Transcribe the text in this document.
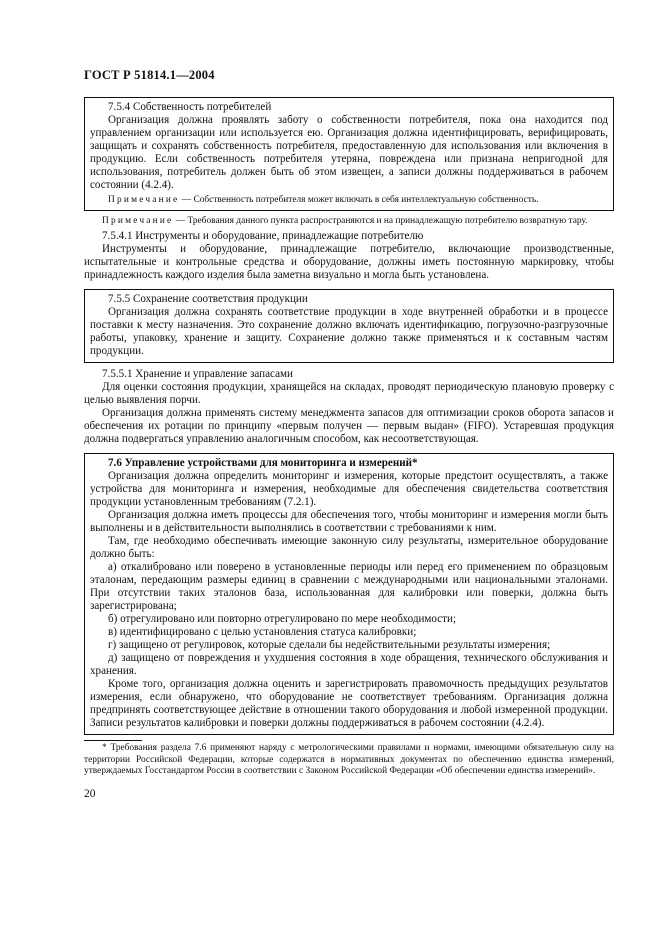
ГОСТ Р 51814.1—2004

7.5.4 Собственность потребителей

Организация должна проявлять заботу о собственности потребителя, пока она находится под управлением организации или используется ею. Организация должна идентифицировать, верифицировать, защищать и сохранять собственность потребителя, предоставленную для использования или включения в продукцию. Если собственность потребителя утеряна, повреждена или признана непригодной для использования, потребитель должен быть об этом извещен, а записи должны поддерживаться в рабочем состоянии (4.2.4).

Примечание — Собственность потребителя может включать в себя интеллектуальную собственность.

Примечание — Требования данного пункта распространяются и на принадлежащую потребителю возвратную тару.

7.5.4.1 Инструменты и оборудование, принадлежащие потребителю

Инструменты и оборудование, принадлежащие потребителю, включающие производственные, испытательные и контрольные средства и оборудование, должны иметь постоянную маркировку, чтобы принадлежность каждого изделия была заметна визуально и могла быть установлена.

7.5.5 Сохранение соответствия продукции

Организация должна сохранять соответствие продукции в ходе внутренней обработки и в процессе поставки к месту назначения. Это сохранение должно включать идентификацию, погрузочно-разгрузочные работы, упаковку, хранение и защиту. Сохранение должно также применяться и к составным частям продукции.

7.5.5.1 Хранение и управление запасами

Для оценки состояния продукции, хранящейся на складах, проводят периодическую плановую проверку с целью выявления порчи.

Организация должна применять систему менеджмента запасов для оптимизации сроков оборота запасов и обеспечения их ротации по принципу «первым получен — первым выдан» (FIFO). Устаревшая продукция должна подвергаться управлению аналогичным способом, как несоответствующая.

7.6 Управление устройствами для мониторинга и измерений*

Организация должна определить мониторинг и измерения, которые предстоит осуществлять, а также устройства для мониторинга и измерения, необходимые для обеспечения свидетельства соответствия продукции установленным требованиям (7.2.1).

Организация должна иметь процессы для обеспечения того, чтобы мониторинг и измерения могли быть выполнены и в действительности выполнялись в соответствии с требованиями к ним.

Там, где необходимо обеспечивать имеющие законную силу результаты, измерительное оборудование должно быть:

а) откалибровано или поверено в установленные периоды или перед его применением по образцовым эталонам, передающим размеры единиц в сравнении с международными или национальными эталонами. При отсутствии таких эталонов база, использованная для калибровки или поверки, должна быть зарегистрирована;

б) отрегулировано или повторно отрегулировано по мере необходимости;

в) идентифицировано с целью установления статуса калибровки;

г) защищено от регулировок, которые сделали бы недействительными результаты измерения;

д) защищено от повреждения и ухудшения состояния в ходе обращения, технического обслуживания и хранения.

Кроме того, организация должна оценить и зарегистрировать правомочность предыдущих результатов измерения, если обнаружено, что оборудование не соответствует требованиям. Организация должна предпринять соответствующее действие в отношении такого оборудования и любой измеренной продукции. Записи результатов калибровки и поверки должны поддерживаться в рабочем состоянии (4.2.4).

* Требования раздела 7.6 применяют наряду с метрологическими правилами и нормами, имеющими обязательную силу на территории Российской Федерации, которые содержатся в нормативных документах по обеспечению единства измерений, утверждаемых Госстандартом России в соответствии с Законом Российской Федерации «Об обеспечении единства измерений».

20
